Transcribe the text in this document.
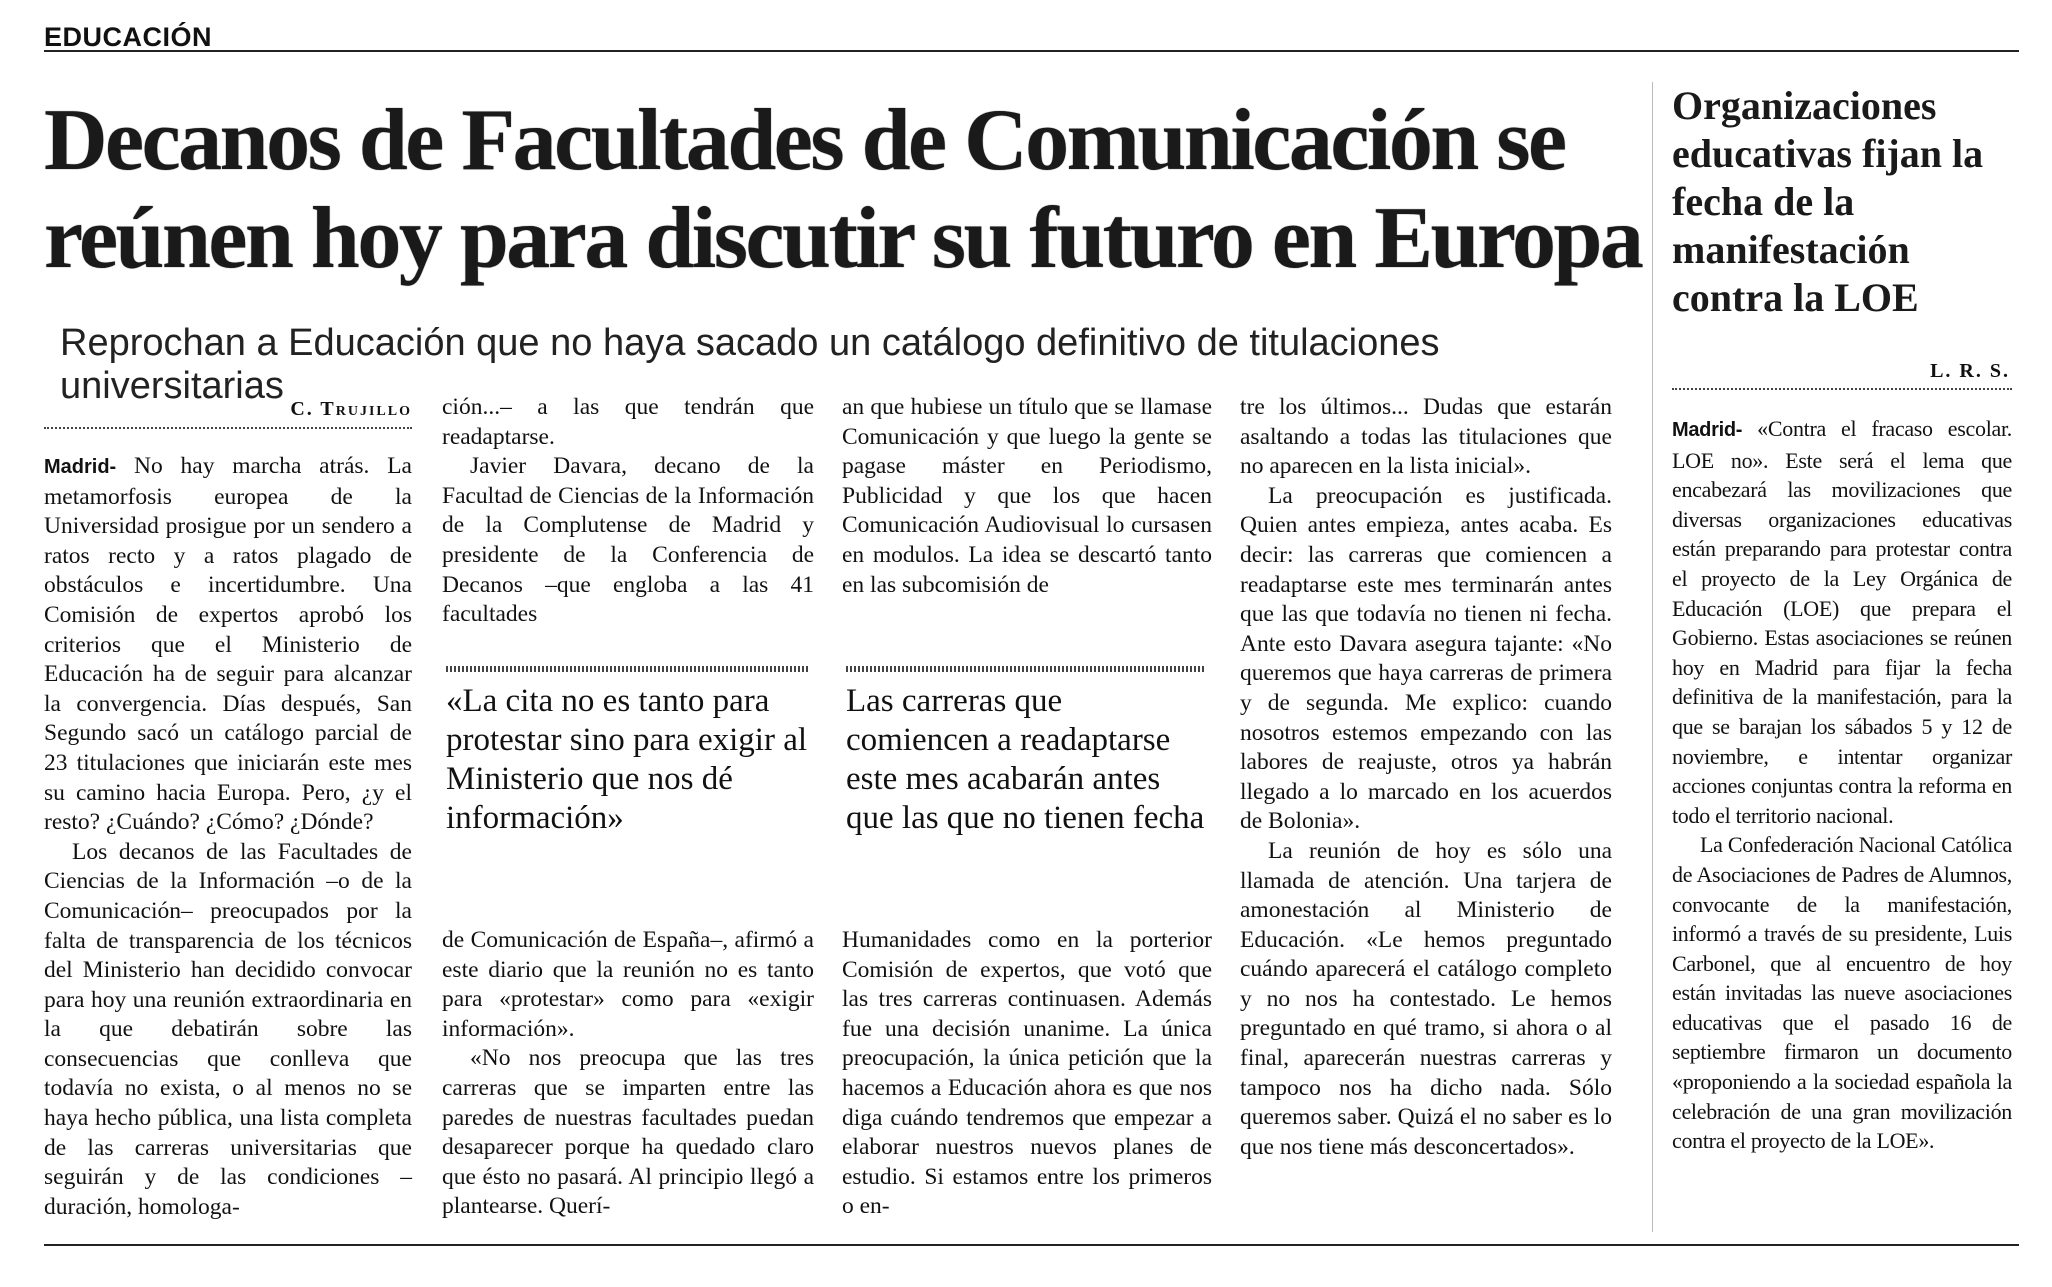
EDUCACIÓN
Decanos de Facultades de Comunicación se reúnen hoy para discutir su futuro en Europa
Reprochan a Educación que no haya sacado un catálogo definitivo de titulaciones universitarias
C. Trujillo

Madrid- No hay marcha atrás. La metamorfosis europea de la Universidad prosigue por un sendero a ratos recto y a ratos plagado de obstáculos e incertidumbre. Una Comisión de expertos aprobó los criterios que el Ministerio de Educación ha de seguir para alcanzar la convergencia. Días después, San Segundo sacó un catálogo parcial de 23 titulaciones que iniciarán este mes su camino hacia Europa. Pero, ¿y el resto? ¿Cuándo? ¿Cómo? ¿Dónde?

Los decanos de las Facultades de Ciencias de la Información –o de la Comunicación– preocupados por la falta de transparencia de los técnicos del Ministerio han decidido convocar para hoy una reunión extraordinaria en la que debatirán sobre las consecuencias que conlleva que todavía no exista, o al menos no se haya hecho pública, una lista completa de las carreras universitarias que seguirán y de las condiciones –duración, homologa-

ción...– a las que tendrán que readaptarse.

Javier Davara, decano de la Facultad de Ciencias de la Información de la Complutense de Madrid y presidente de la Conferencia de Decanos –que engloba a las 41 facultades

an que hubiese un título que se llamase Comunicación y que luego la gente se pagase máster en Periodismo, Publicidad y que los que hacen Comunicación Audiovisual lo cursasen en modulos. La idea se descartó tanto en las subcomisión de

«La cita no es tanto para protestar sino para exigir al Ministerio que nos dé información»
Las carreras que comiencen a readaptarse este mes acabarán antes que las que no tienen fecha

de Comunicación de España–, afirmó a este diario que la reunión no es tanto para «protestar» como para «exigir información».

«No nos preocupa que las tres carreras que se imparten entre las paredes de nuestras facultades puedan desaparecer porque ha quedado claro que ésto no pasará. Al principio llegó a plantearse. Querí-

Humanidades como en la porterior Comisión de expertos, que votó que las tres carreras continuasen. Además fue una decisión unanime. La única preocupación, la única petición que la hacemos a Educación ahora es que nos diga cuándo tendremos que empezar a elaborar nuestros nuevos planes de estudio. Si estamos entre los primeros o en-

tre los últimos... Dudas que estarán asaltando a todas las titulaciones que no aparecen en la lista inicial».

La preocupación es justificada. Quien antes empieza, antes acaba. Es decir: las carreras que comiencen a readaptarse este mes terminarán antes que las que todavía no tienen ni fecha. Ante esto Davara asegura tajante: «No queremos que haya carreras de primera y de segunda. Me explico: cuando nosotros estemos empezando con las labores de reajuste, otros ya habrán llegado a lo marcado en los acuerdos de Bolonia».

La reunión de hoy es sólo una llamada de atención. Una tarjera de amonestación al Ministerio de Educación. «Le hemos preguntado cuándo aparecerá el catálogo completo y no nos ha contestado. Le hemos preguntado en qué tramo, si ahora o al final, aparecerán nuestras carreras y tampoco nos ha dicho nada. Sólo queremos saber. Quizá el no saber es lo que nos tiene más desconcertados».

Organizaciones educativas fijan la fecha de la manifestación contra la LOE
L. R. S.

Madrid- «Contra el fracaso escolar. LOE no». Este será el lema que encabezará las movilizaciones que diversas organizaciones educativas están preparando para protestar contra el proyecto de la Ley Orgánica de Educación (LOE) que prepara el Gobierno. Estas asociaciones se reúnen hoy en Madrid para fijar la fecha definitiva de la manifestación, para la que se barajan los sábados 5 y 12 de noviembre, e intentar organizar acciones conjuntas contra la reforma en todo el territorio nacional.

La Confederación Nacional Católica de Asociaciones de Padres de Alumnos, convocante de la manifestación, informó a través de su presidente, Luis Carbonel, que al encuentro de hoy están invitadas las nueve asociaciones educativas que el pasado 16 de septiembre firmaron un documento «proponiendo a la sociedad española la celebración de una gran movilización contra el proyecto de la LOE».
